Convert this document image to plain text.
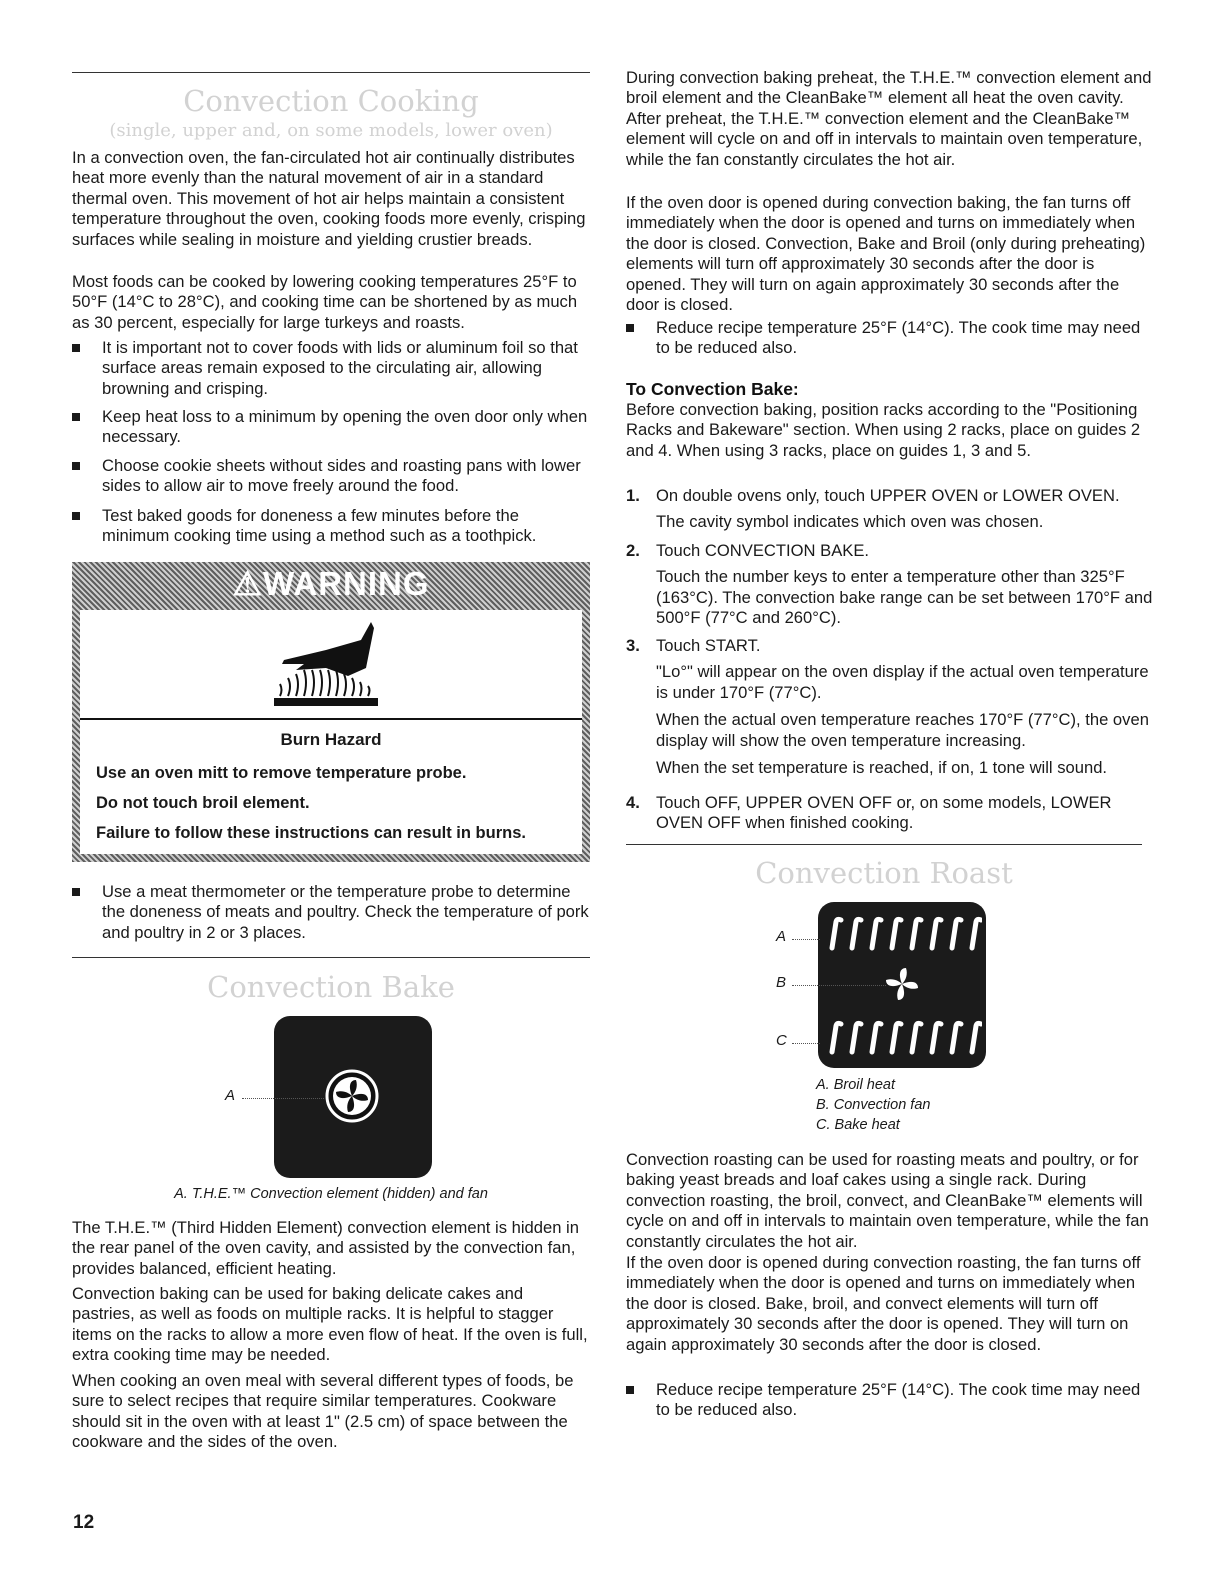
Convection Cooking
(single, upper and, on some models, lower oven)

In a convection oven, the fan-circulated hot air continually distributes heat more evenly than the natural movement of air in a standard thermal oven. This movement of hot air helps maintain a consistent temperature throughout the oven, cooking foods more evenly, crisping surfaces while sealing in moisture and yielding crustier breads.

Most foods can be cooked by lowering cooking temperatures 25°F to 50°F (14°C to 28°C), and cooking time can be shortened by as much as 30 percent, especially for large turkeys and roasts.

It is important not to cover foods with lids or aluminum foil so that surface areas remain exposed to the circulating air, allowing browning and crisping.

Keep heat loss to a minimum by opening the oven door only when necessary.

Choose cookie sheets without sides and roasting pans with lower sides to allow air to move freely around the food.

Test baked goods for doneness a few minutes before the minimum cooking time using a method such as a toothpick.

⚠WARNING
Burn Hazard
Use an oven mitt to remove temperature probe.
Do not touch broil element.
Failure to follow these instructions can result in burns.

Use a meat thermometer or the temperature probe to determine the doneness of meats and poultry. Check the temperature of pork and poultry in 2 or 3 places.

Convection Bake
A
A. T.H.E.™ Convection element (hidden) and fan

The T.H.E.™ (Third Hidden Element) convection element is hidden in the rear panel of the oven cavity, and assisted by the convection fan, provides balanced, efficient heating.

Convection baking can be used for baking delicate cakes and pastries, as well as foods on multiple racks. It is helpful to stagger items on the racks to allow a more even flow of heat. If the oven is full, extra cooking time may be needed.

When cooking an oven meal with several different types of foods, be sure to select recipes that require similar temperatures. Cookware should sit in the oven with at least 1" (2.5 cm) of space between the cookware and the sides of the oven.

During convection baking preheat, the T.H.E.™ convection element and broil element and the CleanBake™ element all heat the oven cavity. After preheat, the T.H.E.™ convection element and the CleanBake™ element will cycle on and off in intervals to maintain oven temperature, while the fan constantly circulates the hot air.

If the oven door is opened during convection baking, the fan turns off immediately when the door is opened and turns on immediately when the door is closed. Convection, Bake and Broil (only during preheating) elements will turn off approximately 30 seconds after the door is opened. They will turn on again approximately 30 seconds after the door is closed.

Reduce recipe temperature 25°F (14°C). The cook time may need to be reduced also.

To Convection Bake:

Before convection baking, position racks according to the "Positioning Racks and Bakeware" section. When using 2 racks, place on guides 2 and 4. When using 3 racks, place on guides 1, 3 and 5.

1. On double ovens only, touch UPPER OVEN or LOWER OVEN.

The cavity symbol indicates which oven was chosen.

2. Touch CONVECTION BAKE.

Touch the number keys to enter a temperature other than 325°F (163°C). The convection bake range can be set between 170°F and 500°F (77°C and 260°C).

3. Touch START.

"Lo°" will appear on the oven display if the actual oven temperature is under 170°F (77°C).

When the actual oven temperature reaches 170°F (77°C), the oven display will show the oven temperature increasing.

When the set temperature is reached, if on, 1 tone will sound.

4. Touch OFF, UPPER OVEN OFF or, on some models, LOWER OVEN OFF when finished cooking.

Convection Roast
A
B
C
A. Broil heat
B. Convection fan
C. Bake heat

Convection roasting can be used for roasting meats and poultry, or for baking yeast breads and loaf cakes using a single rack. During convection roasting, the broil, convect, and CleanBake™ elements will cycle on and off in intervals to maintain oven temperature, while the fan constantly circulates the hot air.

If the oven door is opened during convection roasting, the fan turns off immediately when the door is opened and turns on immediately when the door is closed. Bake, broil, and convect elements will turn off approximately 30 seconds after the door is opened. They will turn on again approximately 30 seconds after the door is closed.

Reduce recipe temperature 25°F (14°C). The cook time may need to be reduced also.

12
